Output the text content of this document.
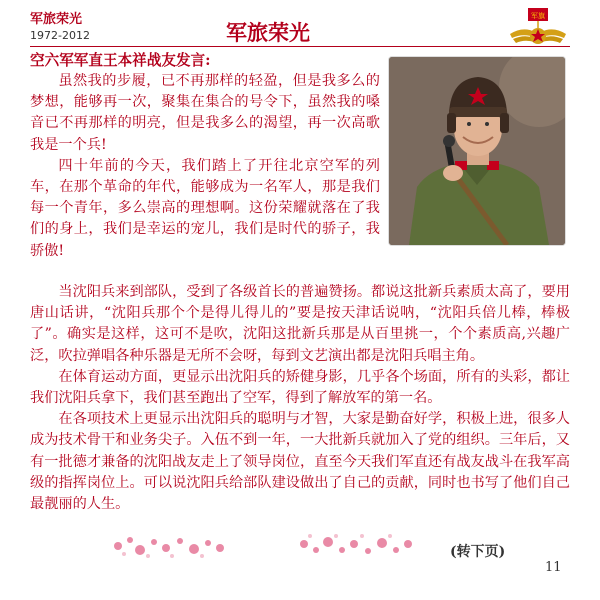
军旅荣光
1972-2012	军旅荣光
军旗
空六军军直王本祥战友发言:

虽然我的步履，已不再那样的轻盈，但是我多么的梦想，能够再一次，聚集在集合的号令下，虽然我的嗓音已不再那样的明亮，但是我多么的渴望，再一次高歌我是一个兵!

四十年前的今天，我们踏上了开往北京空军的列车，在那个革命的年代，能够成为一名军人，那是我们每一个青年，多么崇高的理想啊。这份荣耀就落在了我们的身上，我们是幸运的宠儿，我们是时代的骄子，我骄傲!

当沈阳兵来到部队，受到了各级首长的普遍赞扬。都说这批新兵素质太高了，要用唐山话讲，“沈阳兵那个个是得儿得儿的”要是按天津话说呐，“沈阳兵倍儿棒，棒极了”。确实是这样，这可不是吹，沈阳这批新兵那是从百里挑一，个个素质高,兴趣广泛，吹拉弹唱各种乐器是无所不会呀，每到文艺演出都是沈阳兵唱主角。

在体育运动方面，更显示出沈阳兵的矫健身影，几乎各个场面，所有的头彩，都让我们沈阳兵拿下，我们甚至跑出了空军，得到了解放军的第一名。

在各项技术上更显示出沈阳兵的聪明与才智，大家是勤奋好学，积极上进，很多人成为技术骨干和业务尖子。入伍不到一年，一大批新兵就加入了党的组织。三年后，又有一批德才兼备的沈阳战友走上了领导岗位，直至今天我们军直还有战友战斗在我军高级的指挥岗位上。可以说沈阳兵给部队建设做出了自己的贡献，同时也书写了他们自己最靓丽的人生。

(转下页)
11
